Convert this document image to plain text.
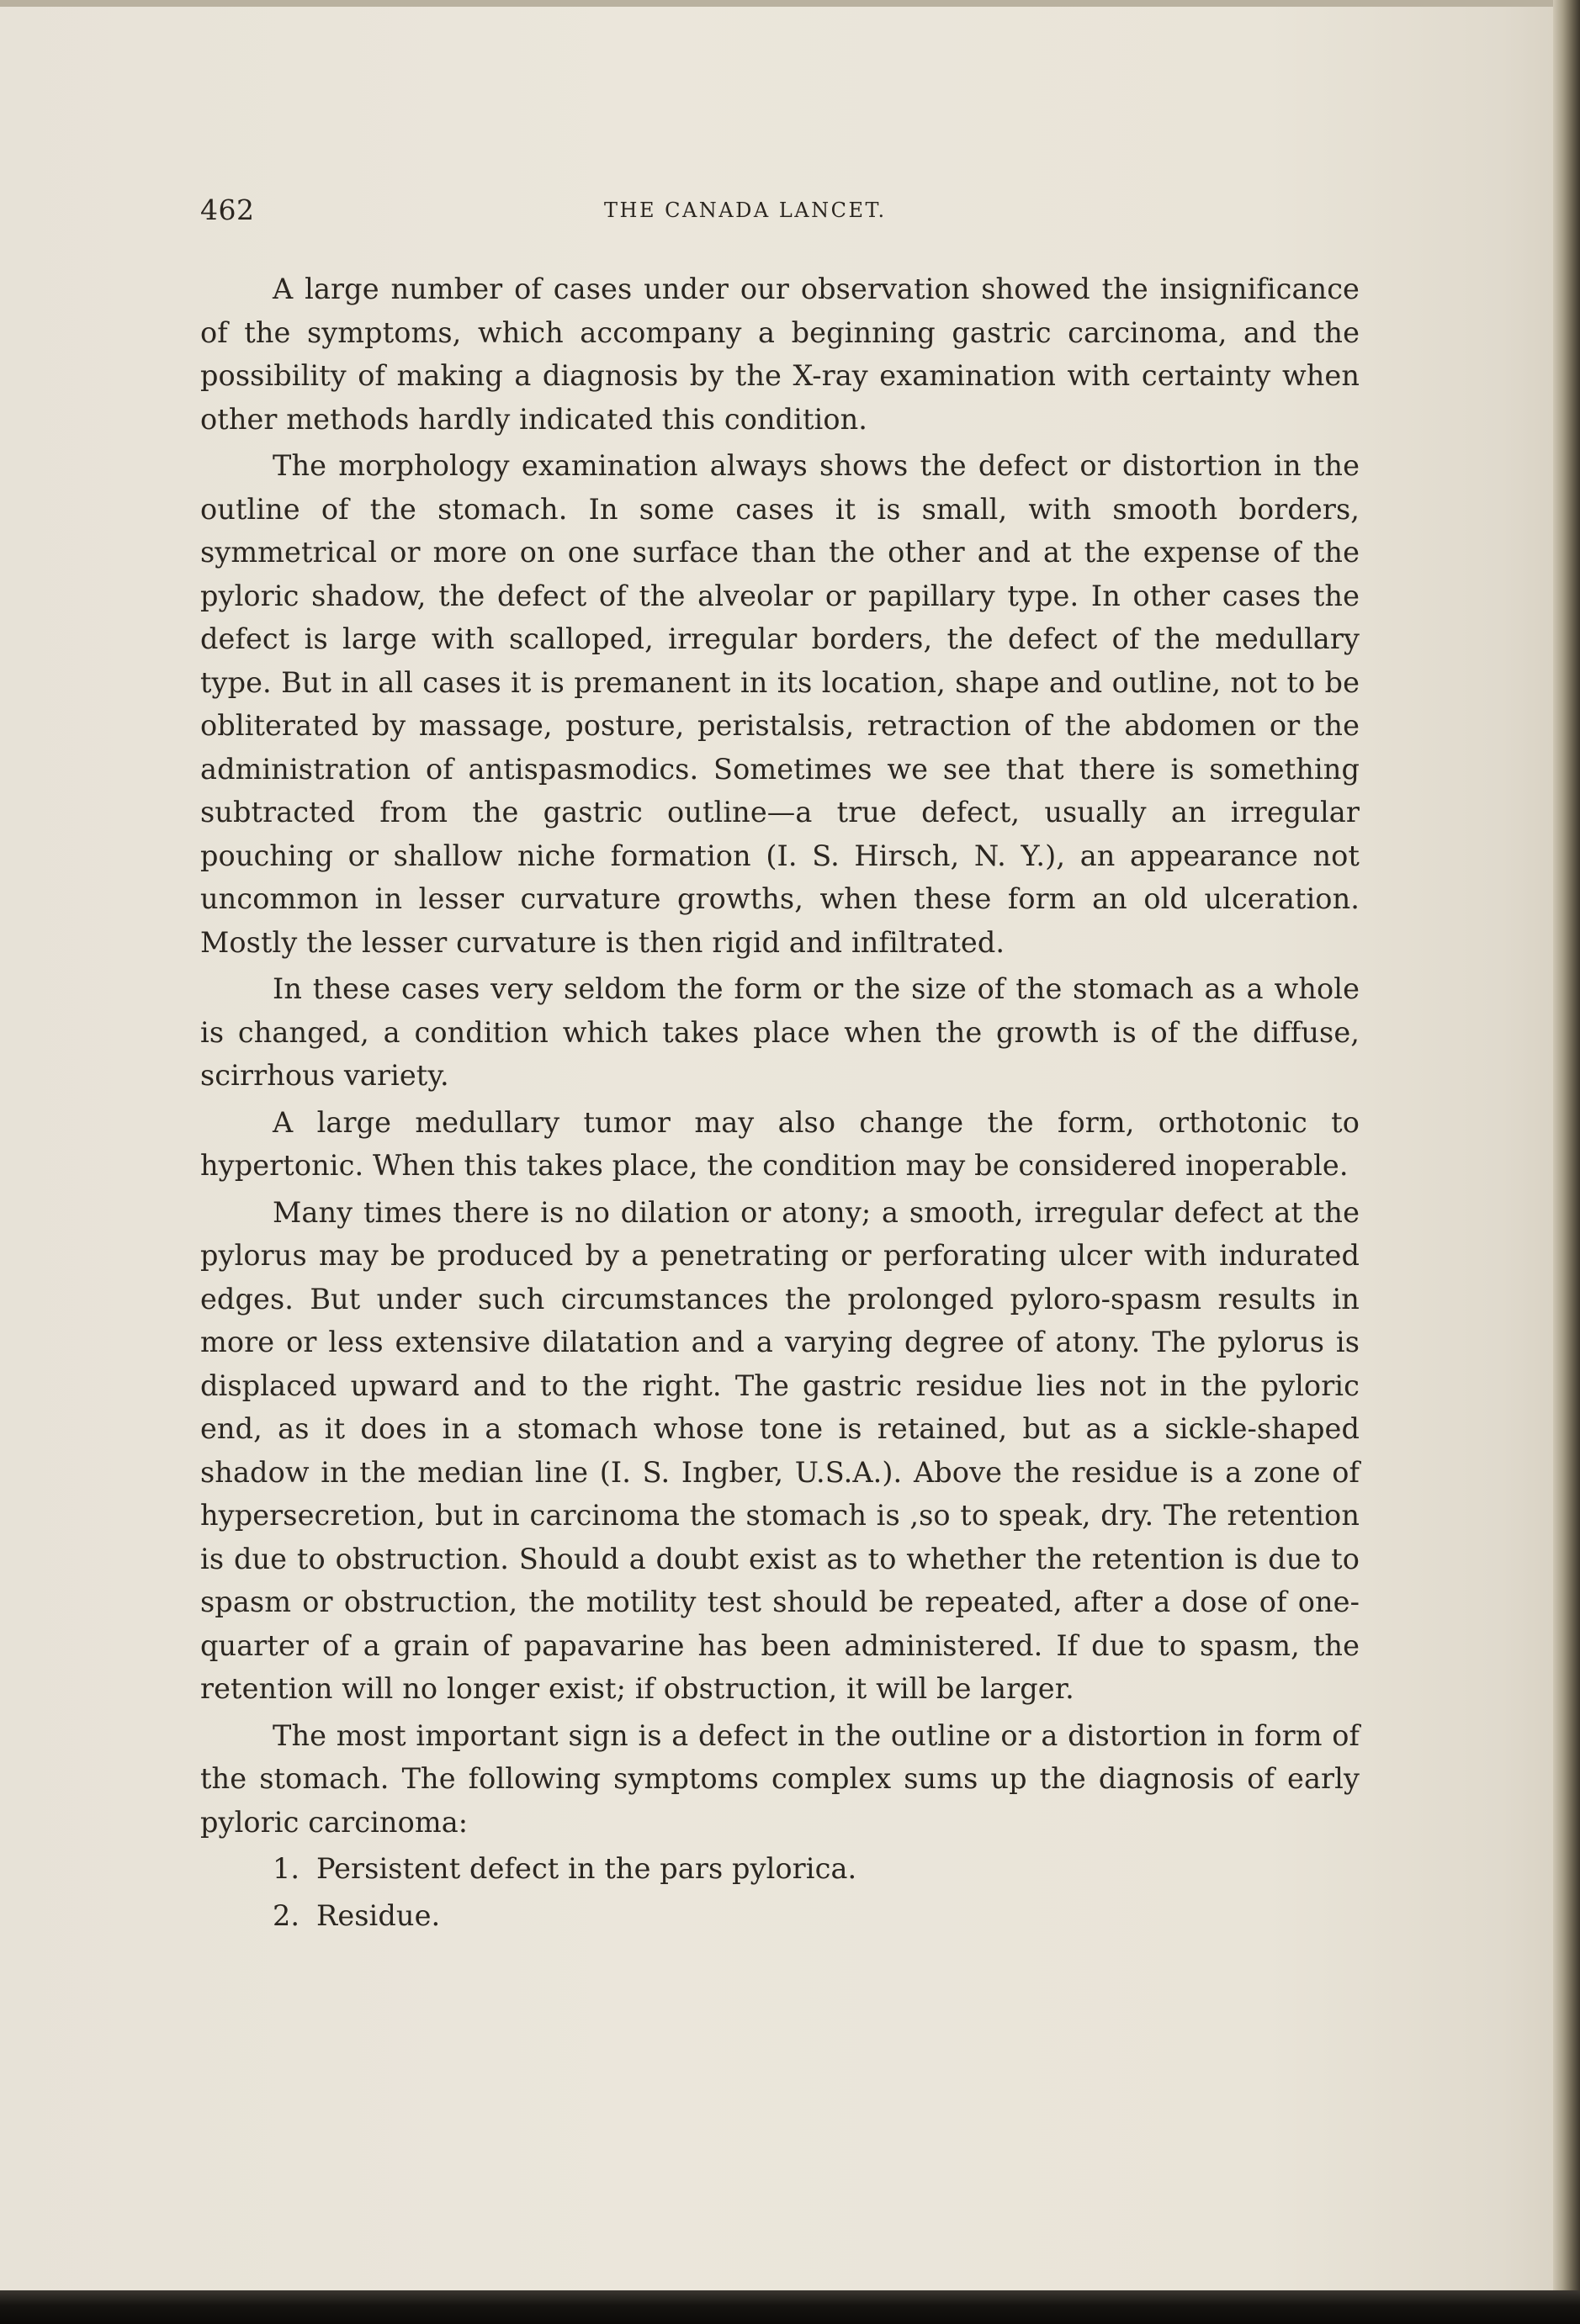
462	THE CANADA LANCET.

A large number of cases under our observation showed the insignificance of the symptoms, which accompany a beginning gastric carcinoma, and the possibility of making a diagnosis by the X-ray examination with certainty when other methods hardly indicated this condition.

The morphology examination always shows the defect or distortion in the outline of the stomach. In some cases it is small, with smooth borders, symmetrical or more on one surface than the other and at the expense of the pyloric shadow, the defect of the alveolar or papillary type. In other cases the defect is large with scalloped, irregular borders, the defect of the medullary type. But in all cases it is premanent in its location, shape and outline, not to be obliterated by massage, posture, peristalsis, retraction of the abdomen or the administration of antispasmodics. Sometimes we see that there is something subtracted from the gastric outline—a true defect, usually an irregular pouching or shallow niche formation (I. S. Hirsch, N. Y.), an appearance not uncommon in lesser curvature growths, when these form an old ulceration. Mostly the lesser curvature is then rigid and infiltrated.

In these cases very seldom the form or the size of the stomach as a whole is changed, a condition which takes place when the growth is of the diffuse, scirrhous variety.

A large medullary tumor may also change the form, orthotonic to hypertonic. When this takes place, the condition may be considered inoperable.

Many times there is no dilation or atony; a smooth, irregular defect at the pylorus may be produced by a penetrating or perforating ulcer with indurated edges. But under such circumstances the prolonged pyloro-spasm results in more or less extensive dilatation and a varying degree of atony. The pylorus is displaced upward and to the right. The gastric residue lies not in the pyloric end, as it does in a stomach whose tone is retained, but as a sickle-shaped shadow in the median line (I. S. Ingber, U.S.A.). Above the residue is a zone of hypersecretion, but in carcinoma the stomach is ,so to speak, dry. The retention is due to obstruction. Should a doubt exist as to whether the retention is due to spasm or obstruction, the motility test should be repeated, after a dose of one-quarter of a grain of papavarine has been administered. If due to spasm, the retention will no longer exist; if obstruction, it will be larger.

The most important sign is a defect in the outline or a distortion in form of the stomach. The following symptoms complex sums up the diagnosis of early pyloric carcinoma:

1. Persistent defect in the pars pylorica.

2. Residue.
